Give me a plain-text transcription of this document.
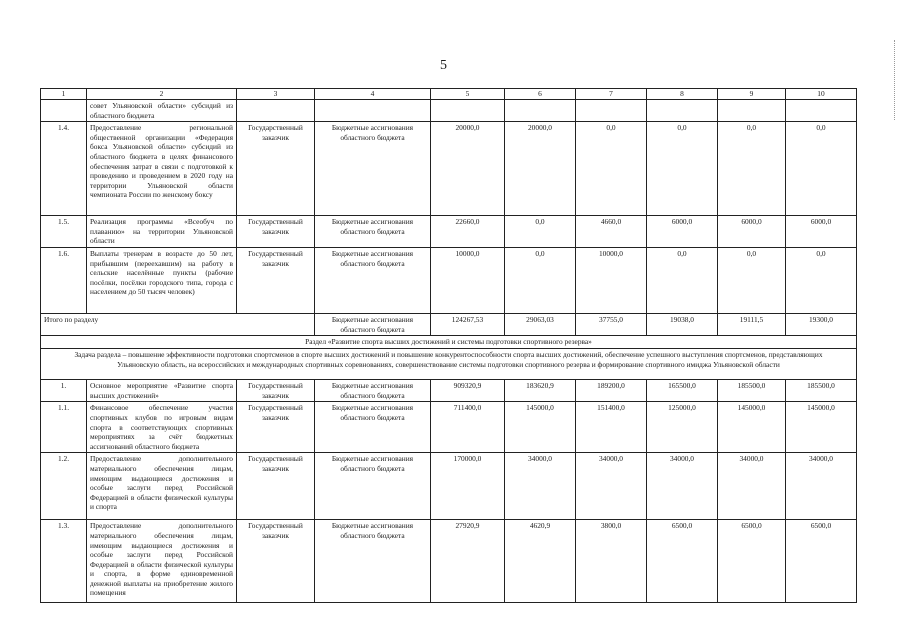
5
1	2	3	4	5	6	7	8	9	10
	совет Ульяновской области» субсидий из областного бюджета								
1.4.	Предоставление региональной общественной организации «Федерация бокса Ульяновской области» субсидий из областного бюджета в целях финансового обеспечения затрат в связи с подготовкой к проведению и проведением в 2020 году на территории Ульяновской области чемпионата России по женскому боксу	Государственный заказчик	Бюджетные ассигнования областного бюджета	20000,0	20000,0	0,0	0,0	0,0	0,0
1.5.	Реализация программы «Всеобуч по плаванию» на территории Ульяновской области	Государственный заказчик	Бюджетные ассигнования областного бюджета	22660,0	0,0	4660,0	6000,0	6000,0	6000,0
1.6.	Выплаты тренерам в возрасте до 50 лет, прибывшим (переехавшим) на работу в сельские населённые пункты (рабочие посёлки, посёлки городского типа, города с населением до 50 тысяч человек)	Государственный заказчик	Бюджетные ассигнования областного бюджета	10000,0	0,0	10000,0	0,0	0,0	0,0
Итого по разделу			Бюджетные ассигнования областного бюджета	124267,53	29063,03	37755,0	19038,0	19111,5	19300,0
Раздел «Развитие спорта высших достижений и системы подготовки спортивного резерва»									
Задача раздела – повышение эффективности подготовки спортсменов в спорте высших достижений и повышение конкурентоспособности спорта высших достижений, обеспечение успешного выступления спортсменов, представляющих Ульяновскую область, на всероссийских и международных спортивных соревнованиях, совершенствование системы подготовки спортивного резерва и формирование спортивного имиджа Ульяновской области									
1.	Основное мероприятие «Развитие спорта высших достижений»	Государственный заказчик	Бюджетные ассигнования областного бюджета	909320,9	183620,9	189200,0	165500,0	185500,0	185500,0
1.1.	Финансовое обеспечение участия спортивных клубов по игровым видам спорта в соответствующих спортивных мероприятиях за счёт бюджетных ассигнований областного бюджета	Государственный заказчик	Бюджетные ассигнования областного бюджета	711400,0	145000,0	151400,0	125000,0	145000,0	145000,0
1.2.	Предоставление дополнительного материального обеспечения лицам, имеющим выдающиеся достижения и особые заслуги перед Российской Федерацией в области физической культуры и спорта	Государственный заказчик	Бюджетные ассигнования областного бюджета	170000,0	34000,0	34000,0	34000,0	34000,0	34000,0
1.3.	Предоставление дополнительного материального обеспечения лицам, имеющим выдающиеся достижения и особые заслуги перед Российской Федерацией в области физической культуры и спорта, в форме единовременной денежной выплаты на приобретение жилого помещения	Государственный заказчик	Бюджетные ассигнования областного бюджета	27920,9	4620,9	3800,0	6500,0	6500,0	6500,0
